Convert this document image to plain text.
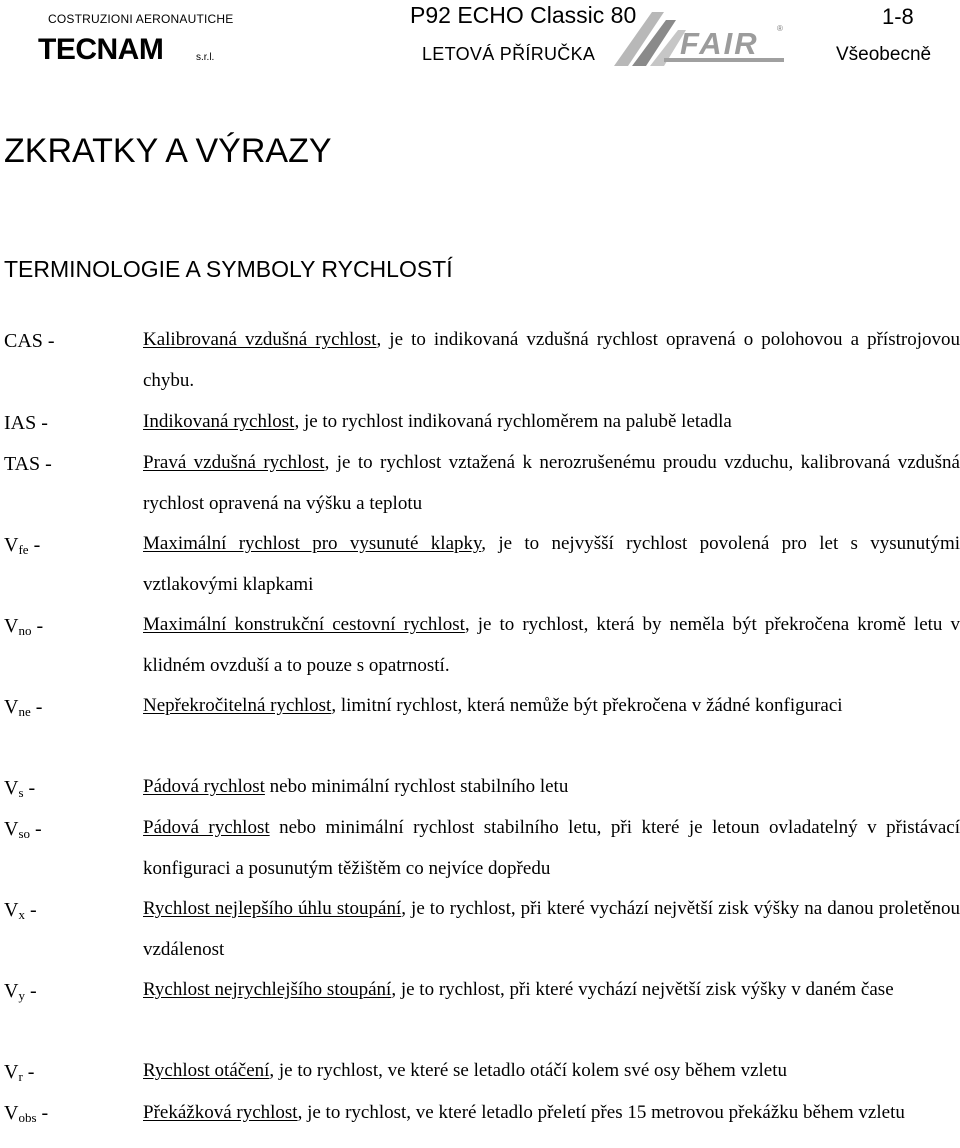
COSTRUZIONI AERONAUTICHE
TECNAM	s.r.l.
P92 ECHO Classic 80
LETOVÁ PŘÍRUČKA	FAIR ®	1-8
Všeobecně
ZKRATKY A VÝRAZY
TERMINOLOGIE A SYMBOLY RYCHLOSTÍ
CAS -	Kalibrovaná vzdušná rychlost, je to indikovaná vzdušná rychlost opravená o polohovou a přístrojovou chybu.
IAS -	Indikovaná rychlost, je to rychlost indikovaná rychloměrem na palubě letadla
TAS -	Pravá vzdušná rychlost, je to rychlost vztažená k nerozrušenému proudu vzduchu, kalibrovaná vzdušná rychlost opravená na výšku a teplotu
$V_{fe}$ -	Maximální rychlost pro vysunuté klapky, je to nejvyšší rychlost povolená pro let s vysunutými vztlakovými klapkami
$V_{no}$ -	Maximální konstrukční cestovní rychlost, je to rychlost, která by neměla být překročena kromě letu v klidném ovzduší a to pouze s opatrností.
$V_{ne}$ -	Nepřekročitelná rychlost, limitní rychlost, která nemůže být překročena v žádné konfiguraci
$V_s$ -	Pádová rychlost nebo minimální rychlost stabilního letu
$V_{so}$ -	Pádová rychlost nebo minimální rychlost stabilního letu, při které je letoun ovladatelný v přistávací konfiguraci a posunutým těžištěm co nejvíce dopředu
$V_x$ -	Rychlost nejlepšího úhlu stoupání, je to rychlost, při které vychází největší zisk výšky na danou proletěnou vzdálenost
$V_y$ -	Rychlost nejrychlejšího stoupání, je to rychlost, při které vychází největší zisk výšky v daném čase
$V_r$ -	Rychlost otáčení, je to rychlost, ve které se letadlo otáčí kolem své osy během vzletu
$V_{obs}$ -	Překážková rychlost, je to rychlost, ve které letadlo přeletí přes 15 metrovou překážku během vzletu
